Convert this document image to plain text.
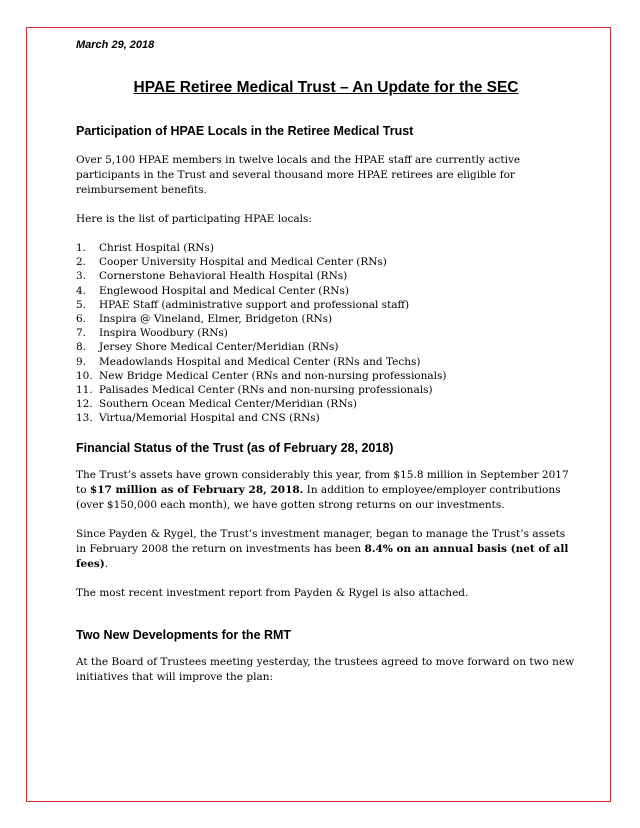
March 29, 2018

HPAE Retiree Medical Trust – An Update for the SEC
Participation of HPAE Locals in the Retiree Medical Trust

Over 5,100 HPAE members in twelve locals and the HPAE staff are currently active participants in the Trust and several thousand more HPAE retirees are eligible for reimbursement benefits.

Here is the list of participating HPAE locals:

1.	Christ Hospital (RNs)
2.	Cooper University Hospital and Medical Center (RNs)
3.	Cornerstone Behavioral Health Hospital (RNs)
4.	Englewood Hospital and Medical Center (RNs)
5.	HPAE Staff (administrative support and professional staff)
6.	Inspira @ Vineland, Elmer, Bridgeton (RNs)
7.	Inspira Woodbury (RNs)
8.	Jersey Shore Medical Center/Meridian (RNs)
9.	Meadowlands Hospital and Medical Center (RNs and Techs)
10. New Bridge Medical Center (RNs and non-nursing professionals)
11. Palisades Medical Center (RNs and non-nursing professionals)
12. Southern Ocean Medical Center/Meridian (RNs)
13. Virtua/Memorial Hospital and CNS (RNs)
Financial Status of the Trust (as of February 28, 2018)

The Trust’s assets have grown considerably this year, from $15.8 million in September 2017 to $17 million as of February 28, 2018. In addition to employee/employer contributions (over $150,000 each month), we have gotten strong returns on our investments.

Since Payden & Rygel, the Trust’s investment manager, began to manage the Trust’s assets in February 2008 the return on investments has been 8.4% on an annual basis (net of all fees).

The most recent investment report from Payden & Rygel is also attached.

Two New Developments for the RMT

At the Board of Trustees meeting yesterday, the trustees agreed to move forward on two new initiatives that will improve the plan:
